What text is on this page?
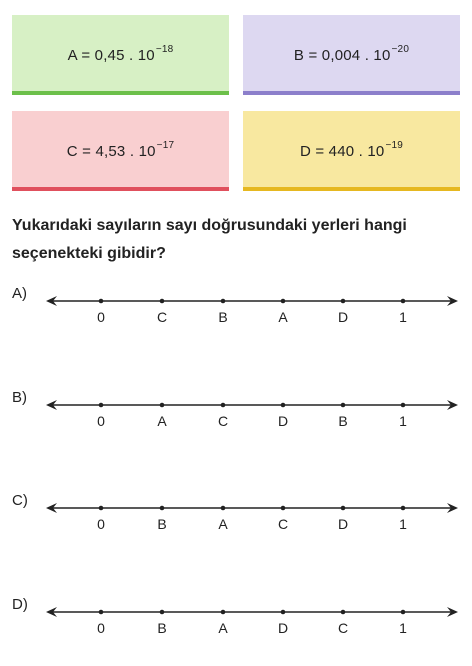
A = 0,45 . $10^{-18}$	B = 0,004 . $10^{-20}$
C = 4,53 . $10^{-17}$	D = 440 . $10^{-19}$
Yukarıdaki sayıların sayı doğrusundaki yerleri hangi seçenekteki gibidir?
A)
0	C	B	A	D	1
B)
0	A	C	D	B	1
C)
0	B	A	C	D	1
D)
0	B	A	D	C	1
